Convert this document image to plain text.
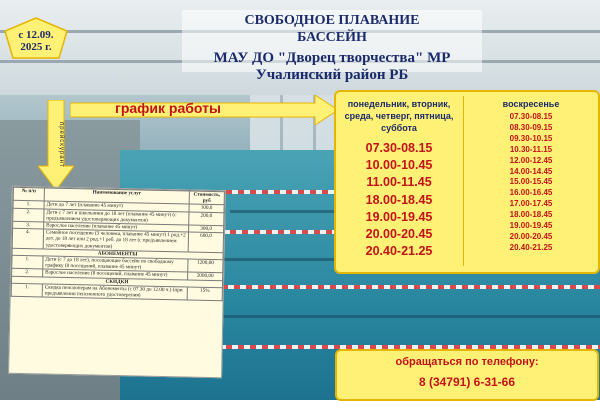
СВОБОДНОЕ ПЛАВАНИЕ
БАССЕЙН
МАУ ДО "Дворец творчества" МР Учалинский район РБ
с 12.09.
2025 г.
график работы
прейскурант
понедельник, вторник, среда, четверг, пятница, суббота
07.30-08.15
10.00-10.45
11.00-11.45
18.00-18.45
19.00-19.45
20.00-20.45
20.40-21.25
воскресенье
07.30-08.15
08.30-09.15
09.30-10.15
10.30-11.15
12.00-12.45
14.00-14.45
15.00-15.45
16.00-16.45
17.00-17.45
18.00-18.45
19.00-19.45
20.00-20.45
20.40-21.25
№ п/п	Наименование услуг	Стоимость, руб
1.	Дети до 7 лет (плавание 45 минут)	100,0
2.	Дети с 7 лет и школьники до 18 лет (плавание 45 минут) (с предъявлением удостоверяющих документов)	200,0
3.	Взрослое население (плавание 45 минут)	300,0
4.	Семейное посещение (3 человека, плавание 45 минут) 1 род.+2 дет. до 18 лет или 2 род.+1 реб. до 18 лет (с предъявлением удостоверяющих документов)	600,0
АБОНЕМЕНТЫ		
1.	Дети (с 7 до 18 лет), посещающие бассейн по свободному графику (8 посещений, плавание 45 минут)	1200,00
2.	Взрослое население (8 посещений, плавание 45 минут)	2000,00
СКИДКИ		
1.	Скидка пенсионерам на Абонементы (с 07.30 до 12.00 ч.) (при предъявлении пенсионного удостоверения)	15%
обращаться по телефону:
8 (34791) 6-31-66
